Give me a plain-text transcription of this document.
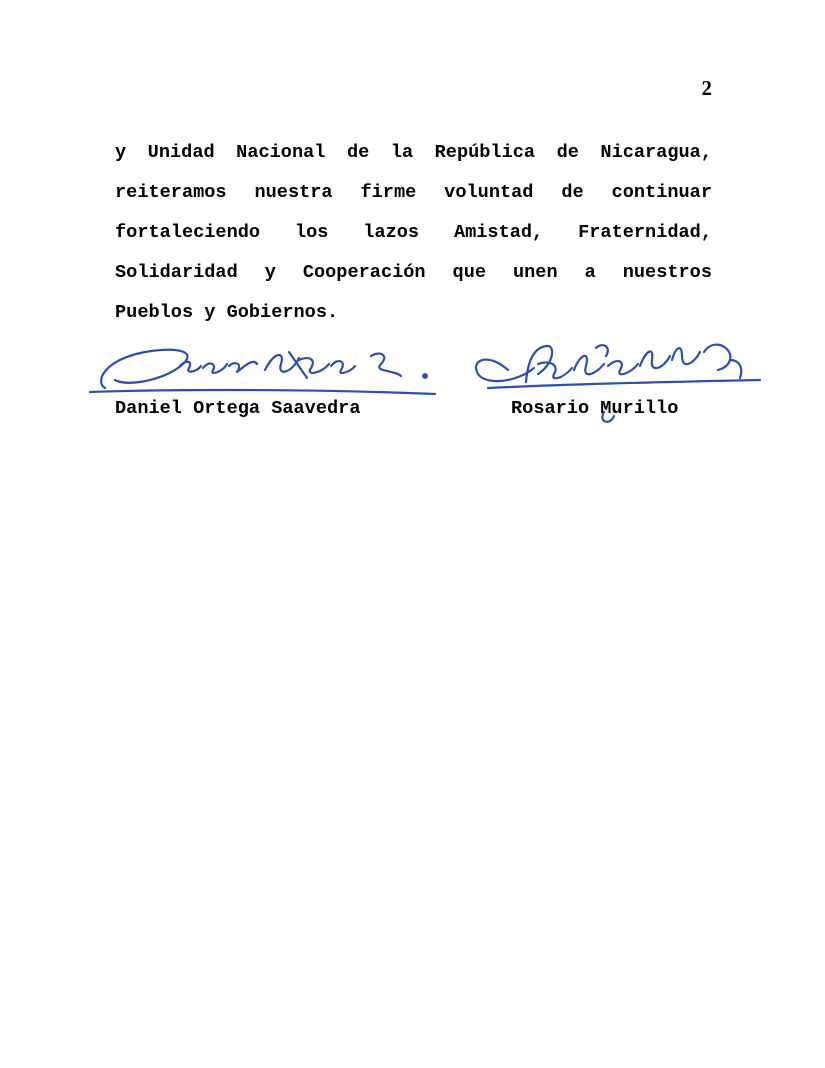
2
y Unidad Nacional de la República de Nicaragua,
reiteramos nuestra firme voluntad de continuar
fortaleciendo los lazos Amistad, Fraternidad,
Solidaridad y Cooperación que unen a nuestros
Pueblos y Gobiernos.
Daniel Ortega Saavedra	Rosario Murillo
